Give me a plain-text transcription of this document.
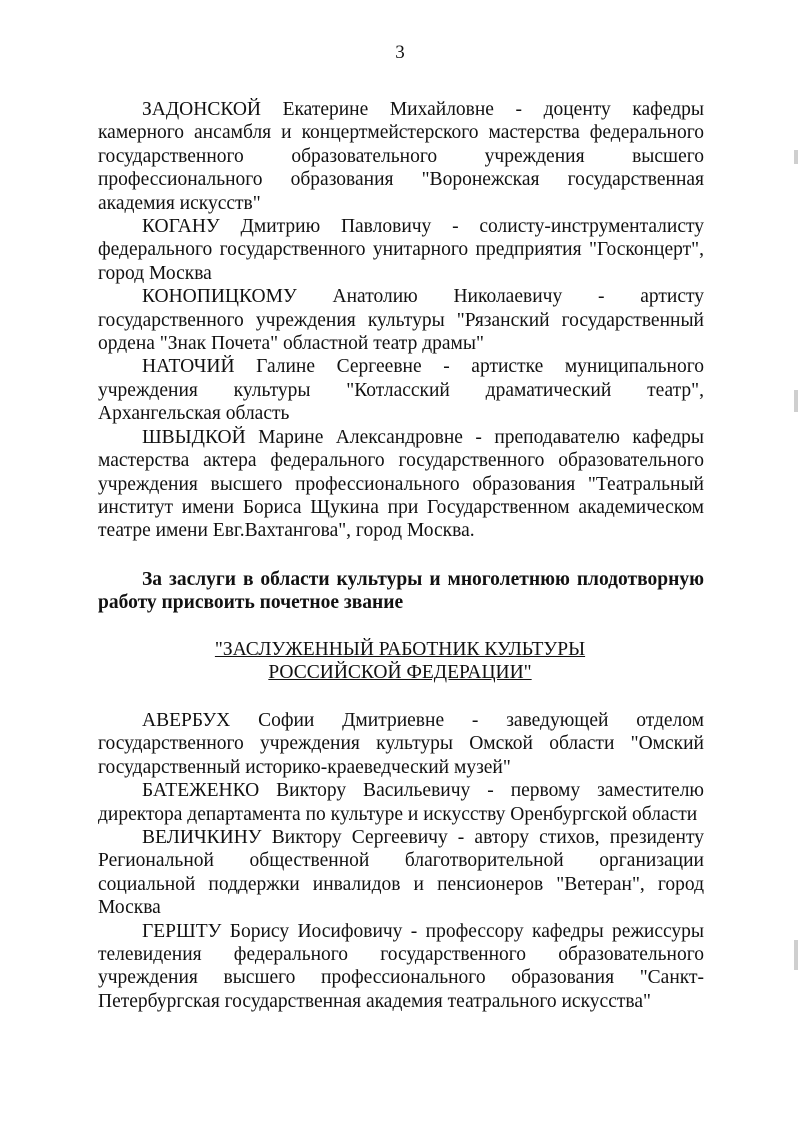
3

ЗАДОНСКОЙ Екатерине Михайловне - доценту кафедры камерного ансамбля и концертмейстерского мастерства федерального государственного образовательного учреждения высшего профессионального образования "Воронежская государственная академия искусств"

КОГАНУ Дмитрию Павловичу - солисту-инструменталисту федерального государственного унитарного предприятия "Госконцерт", город Москва

КОНОПИЦКОМУ Анатолию Николаевичу - артисту государственного учреждения культуры "Рязанский государственный ордена "Знак Почета" областной театр драмы"

НАТОЧИЙ Галине Сергеевне - артистке муниципального учреждения культуры "Котласский драматический театр", Архангельская область

ШВЫДКОЙ Марине Александровне - преподавателю кафедры мастерства актера федерального государственного образовательного учреждения высшего профессионального образования "Театральный институт имени Бориса Щукина при Государственном академическом театре имени Евг.Вахтангова", город Москва.

За заслуги в области культуры и многолетнюю плодотворную работу присвоить почетное звание

"ЗАСЛУЖЕННЫЙ РАБОТНИК КУЛЬТУРЫ
РОССИЙСКОЙ ФЕДЕРАЦИИ"

АВЕРБУХ Софии Дмитриевне - заведующей отделом государственного учреждения культуры Омской области "Омский государственный историко-краеведческий музей"

БАТЕЖЕНКО Виктору Васильевичу - первому заместителю директора департамента по культуре и искусству Оренбургской области

ВЕЛИЧКИНУ Виктору Сергеевичу - автору стихов, президенту Региональной общественной благотворительной организации социальной поддержки инвалидов и пенсионеров "Ветеран", город Москва

ГЕРШТУ Борису Иосифовичу - профессору кафедры режиссуры телевидения федерального государственного образовательного учреждения высшего профессионального образования "Санкт-Петербургская государственная академия театрального искусства"
